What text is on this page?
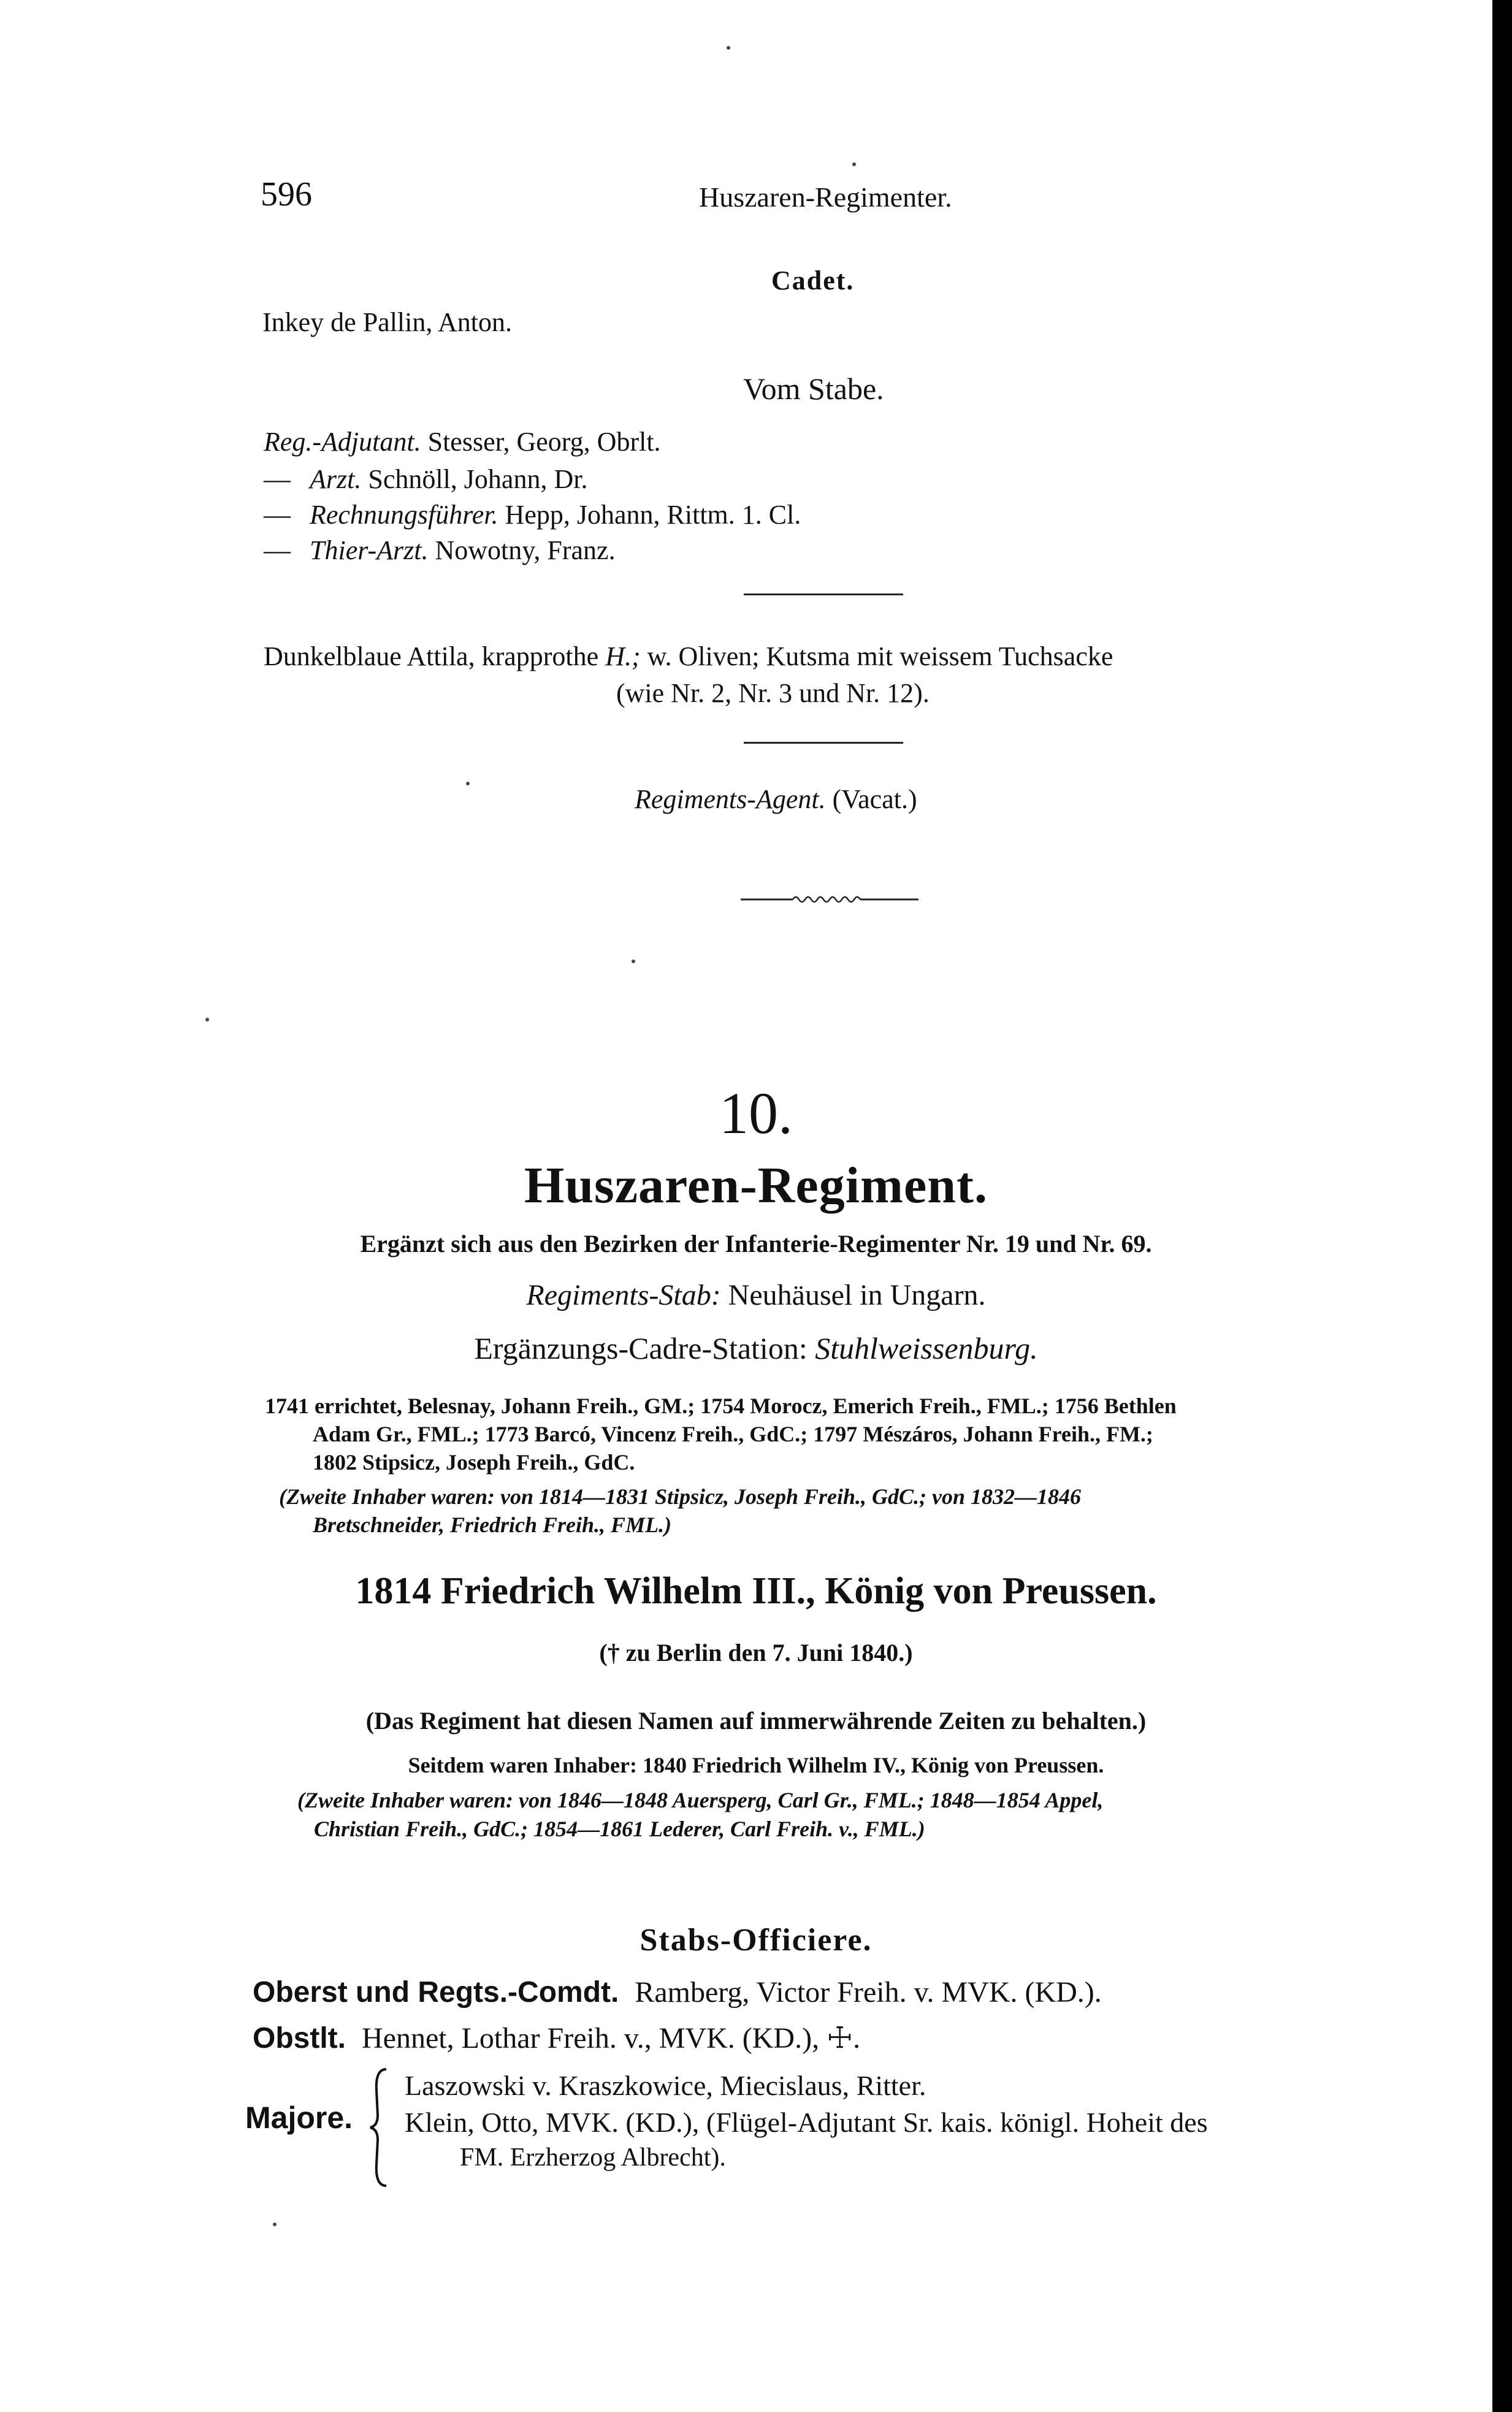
596	Huszaren-Regimenter.
Cadet.
Inkey de Pallin, Anton.
Vom Stabe.
Reg.-Adjutant. Stesser, Georg, Obrlt.
— Arzt. Schnöll, Johann, Dr.
— Rechnungsführer. Hepp, Johann, Rittm. 1. Cl.
— Thier-Arzt. Nowotny, Franz.
Dunkelblaue Attila, krapprothe H.; w. Oliven; Kutsma mit weissem Tuchsacke
(wie Nr. 2, Nr. 3 und Nr. 12).
Regiments-Agent. (Vacat.)
10.
Huszaren-Regiment.
Ergänzt sich aus den Bezirken der Infanterie-Regimenter Nr. 19 und Nr. 69.
Regiments-Stab: Neuhäusel in Ungarn.
Ergänzungs-Cadre-Station: Stuhlweissenburg.
1741 errichtet, Belesnay, Johann Freih., GM.; 1754 Morocz, Emerich Freih., FML.; 1756 Bethlen
Adam Gr., FML.; 1773 Barcó, Vincenz Freih., GdC.; 1797 Mészáros, Johann Freih., FM.;
1802 Stipsicz, Joseph Freih., GdC.
(Zweite Inhaber waren: von 1814—1831 Stipsicz, Joseph Freih., GdC.; von 1832—1846
Bretschneider, Friedrich Freih., FML.)
1814 Friedrich Wilhelm III., König von Preussen.
(† zu Berlin den 7. Juni 1840.)
(Das Regiment hat diesen Namen auf immerwährende Zeiten zu behalten.)
Seitdem waren Inhaber: 1840 Friedrich Wilhelm IV., König von Preussen.
(Zweite Inhaber waren: von 1846—1848 Auersperg, Carl Gr., FML.; 1848—1854 Appel,
Christian Freih., GdC.; 1854—1861 Lederer, Carl Freih. v., FML.)
Stabs-Officiere.
Oberst und Regts.-Comdt. Ramberg, Victor Freih. v. MVK. (KD.).
Obstlt. Hennet, Lothar Freih. v., MVK. (KD.), ☩.
Majore.
Laszowski v. Kraszkowice, Miecislaus, Ritter.
Klein, Otto, MVK. (KD.), (Flügel-Adjutant Sr. kais. königl. Hoheit des
FM. Erzherzog Albrecht).
